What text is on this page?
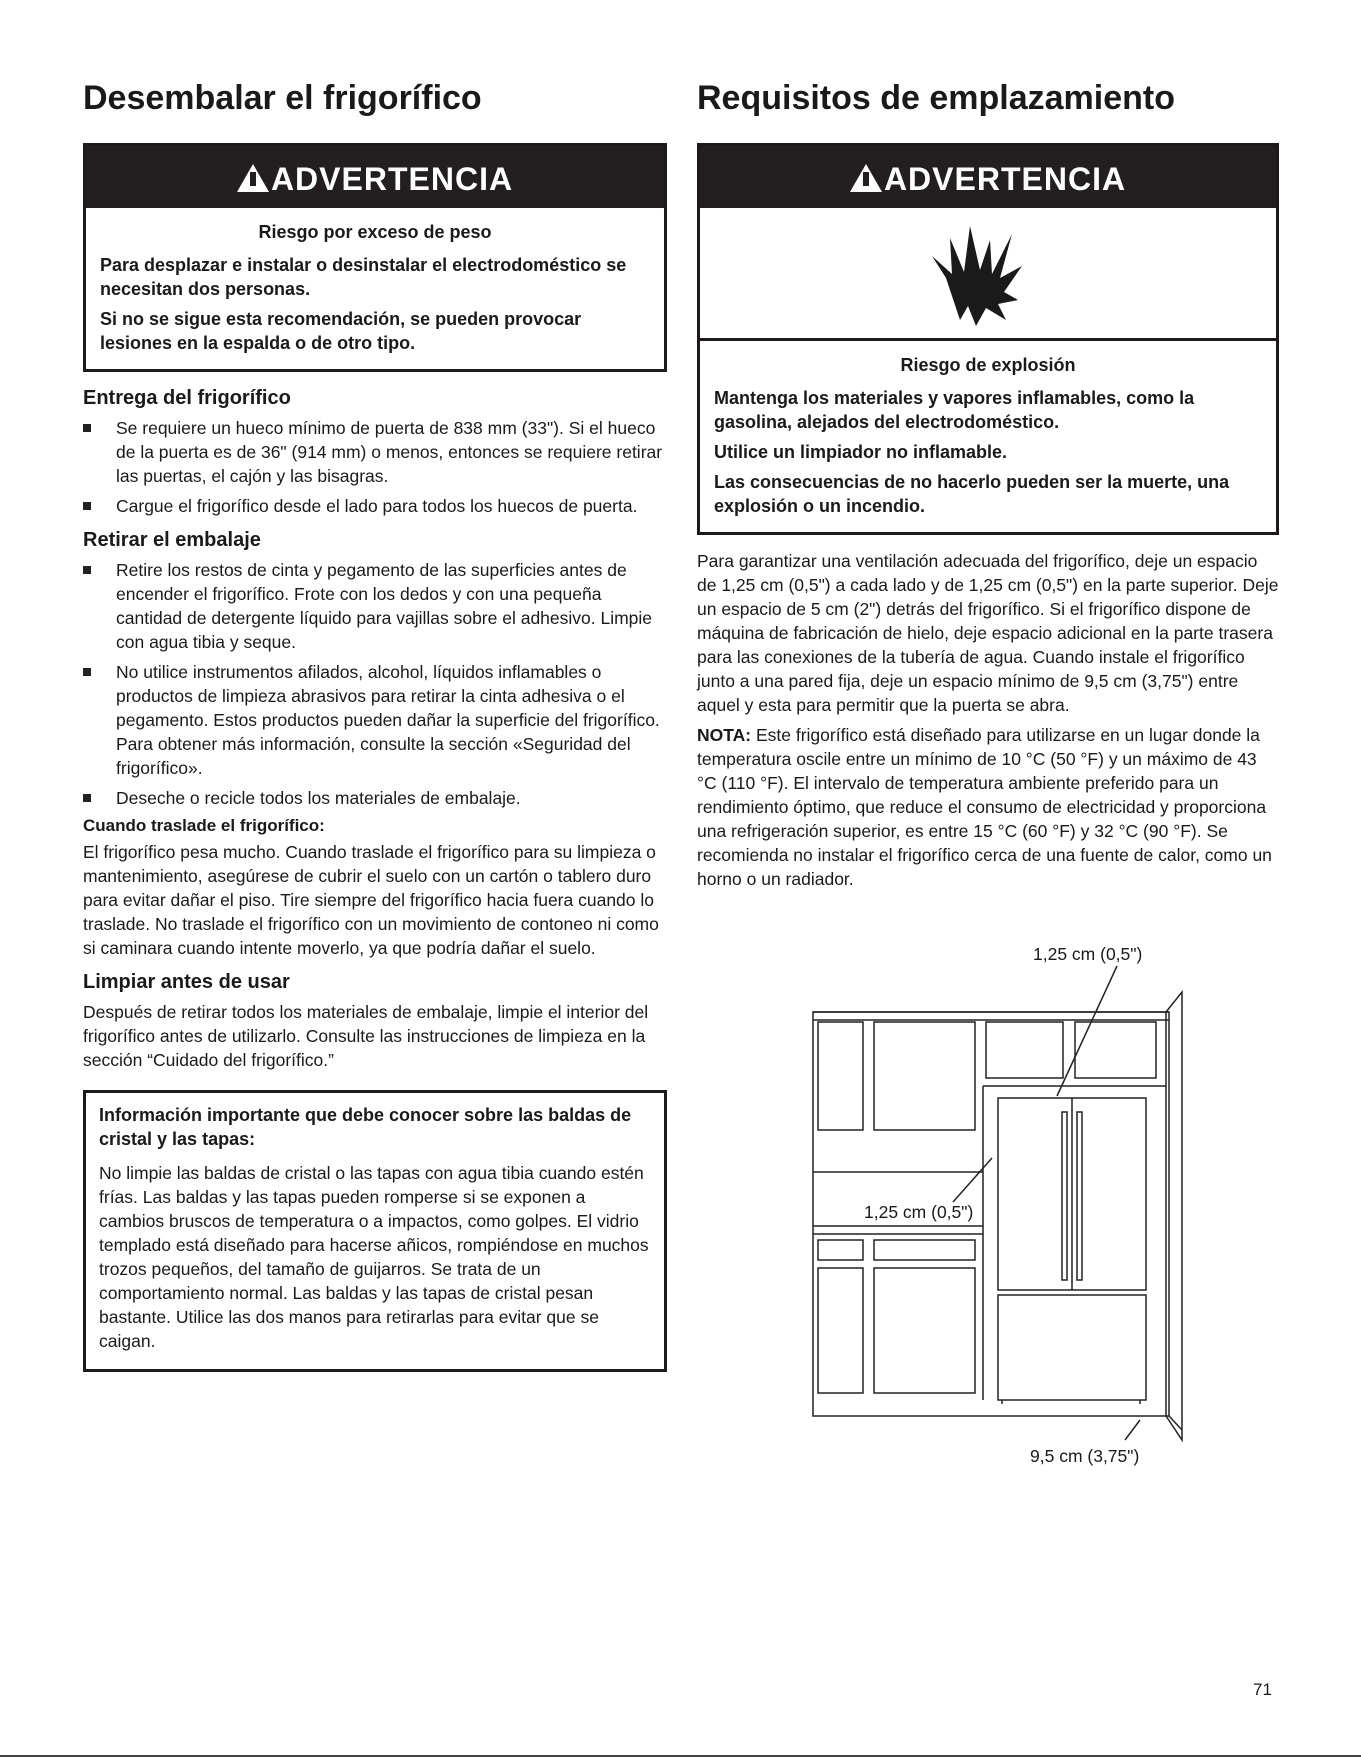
Desembalar el frigorífico
ADVERTENCIA
Riesgo por exceso de peso

Para desplazar e instalar o desinstalar el electrodoméstico se necesitan dos personas.

Si no se sigue esta recomendación, se pueden provocar lesiones en la espalda o de otro tipo.

Entrega del frigorífico
Se requiere un hueco mínimo de puerta de 838 mm (33"). Si el hueco de la puerta es de 36" (914 mm) o menos, entonces se requiere retirar las puertas, el cajón y las bisagras.
Cargue el frigorífico desde el lado para todos los huecos de puerta.
Retirar el embalaje
Retire los restos de cinta y pegamento de las superficies antes de encender el frigorífico. Frote con los dedos y con una pequeña cantidad de detergente líquido para vajillas sobre el adhesivo. Limpie con agua tibia y seque.
No utilice instrumentos afilados, alcohol, líquidos inflamables o productos de limpieza abrasivos para retirar la cinta adhesiva o el pegamento. Estos productos pueden dañar la superficie del frigorífico. Para obtener más información, consulte la sección «Seguridad del frigorífico».
Deseche o recicle todos los materiales de embalaje.
Cuando traslade el frigorífico:

El frigorífico pesa mucho. Cuando traslade el frigorífico para su limpieza o mantenimiento, asegúrese de cubrir el suelo con un cartón o tablero duro para evitar dañar el piso. Tire siempre del frigorífico hacia fuera cuando lo traslade. No traslade el frigorífico con un movimiento de contoneo ni como si caminara cuando intente moverlo, ya que podría dañar el suelo.

Limpiar antes de usar

Después de retirar todos los materiales de embalaje, limpie el interior del frigorífico antes de utilizarlo. Consulte las instrucciones de limpieza en la sección “Cuidado del frigorífico.”

Información importante que debe conocer sobre las baldas de cristal y las tapas:

No limpie las baldas de cristal o las tapas con agua tibia cuando estén frías. Las baldas y las tapas pueden romperse si se exponen a cambios bruscos de temperatura o a impactos, como golpes. El vidrio templado está diseñado para hacerse añicos, rompiéndose en muchos trozos pequeños, del tamaño de guijarros. Se trata de un comportamiento normal. Las baldas y las tapas de cristal pesan bastante. Utilice las dos manos para retirarlas para evitar que se caigan.

Requisitos de emplazamiento
ADVERTENCIA
Riesgo de explosión

Mantenga los materiales y vapores inflamables, como la gasolina, alejados del electrodoméstico.

Utilice un limpiador no inflamable.

Las consecuencias de no hacerlo pueden ser la muerte, una explosión o un incendio.

Para garantizar una ventilación adecuada del frigorífico, deje un espacio de 1,25 cm (0,5") a cada lado y de 1,25 cm (0,5") en la parte superior. Deje un espacio de 5 cm (2") detrás del frigorífico. Si el frigorífico dispone de máquina de fabricación de hielo, deje espacio adicional en la parte trasera para las conexiones de la tubería de agua. Cuando instale el frigorífico junto a una pared fija, deje un espacio mínimo de 9,5 cm (3,75") entre aquel y esta para permitir que la puerta se abra.

NOTA: Este frigorífico está diseñado para utilizarse en un lugar donde la temperatura oscile entre un mínimo de 10 °C (50 °F) y un máximo de 43 °C (110 °F). El intervalo de temperatura ambiente preferido para un rendimiento óptimo, que reduce el consumo de electricidad y proporciona una refrigeración superior, es entre 15 °C (60 °F) y 32 °C (90 °F). Se recomienda no instalar el frigorífico cerca de una fuente de calor, como un horno o un radiador.

1,25 cm (0,5")
1,25 cm (0,5")
9,5 cm (3,75")
71
